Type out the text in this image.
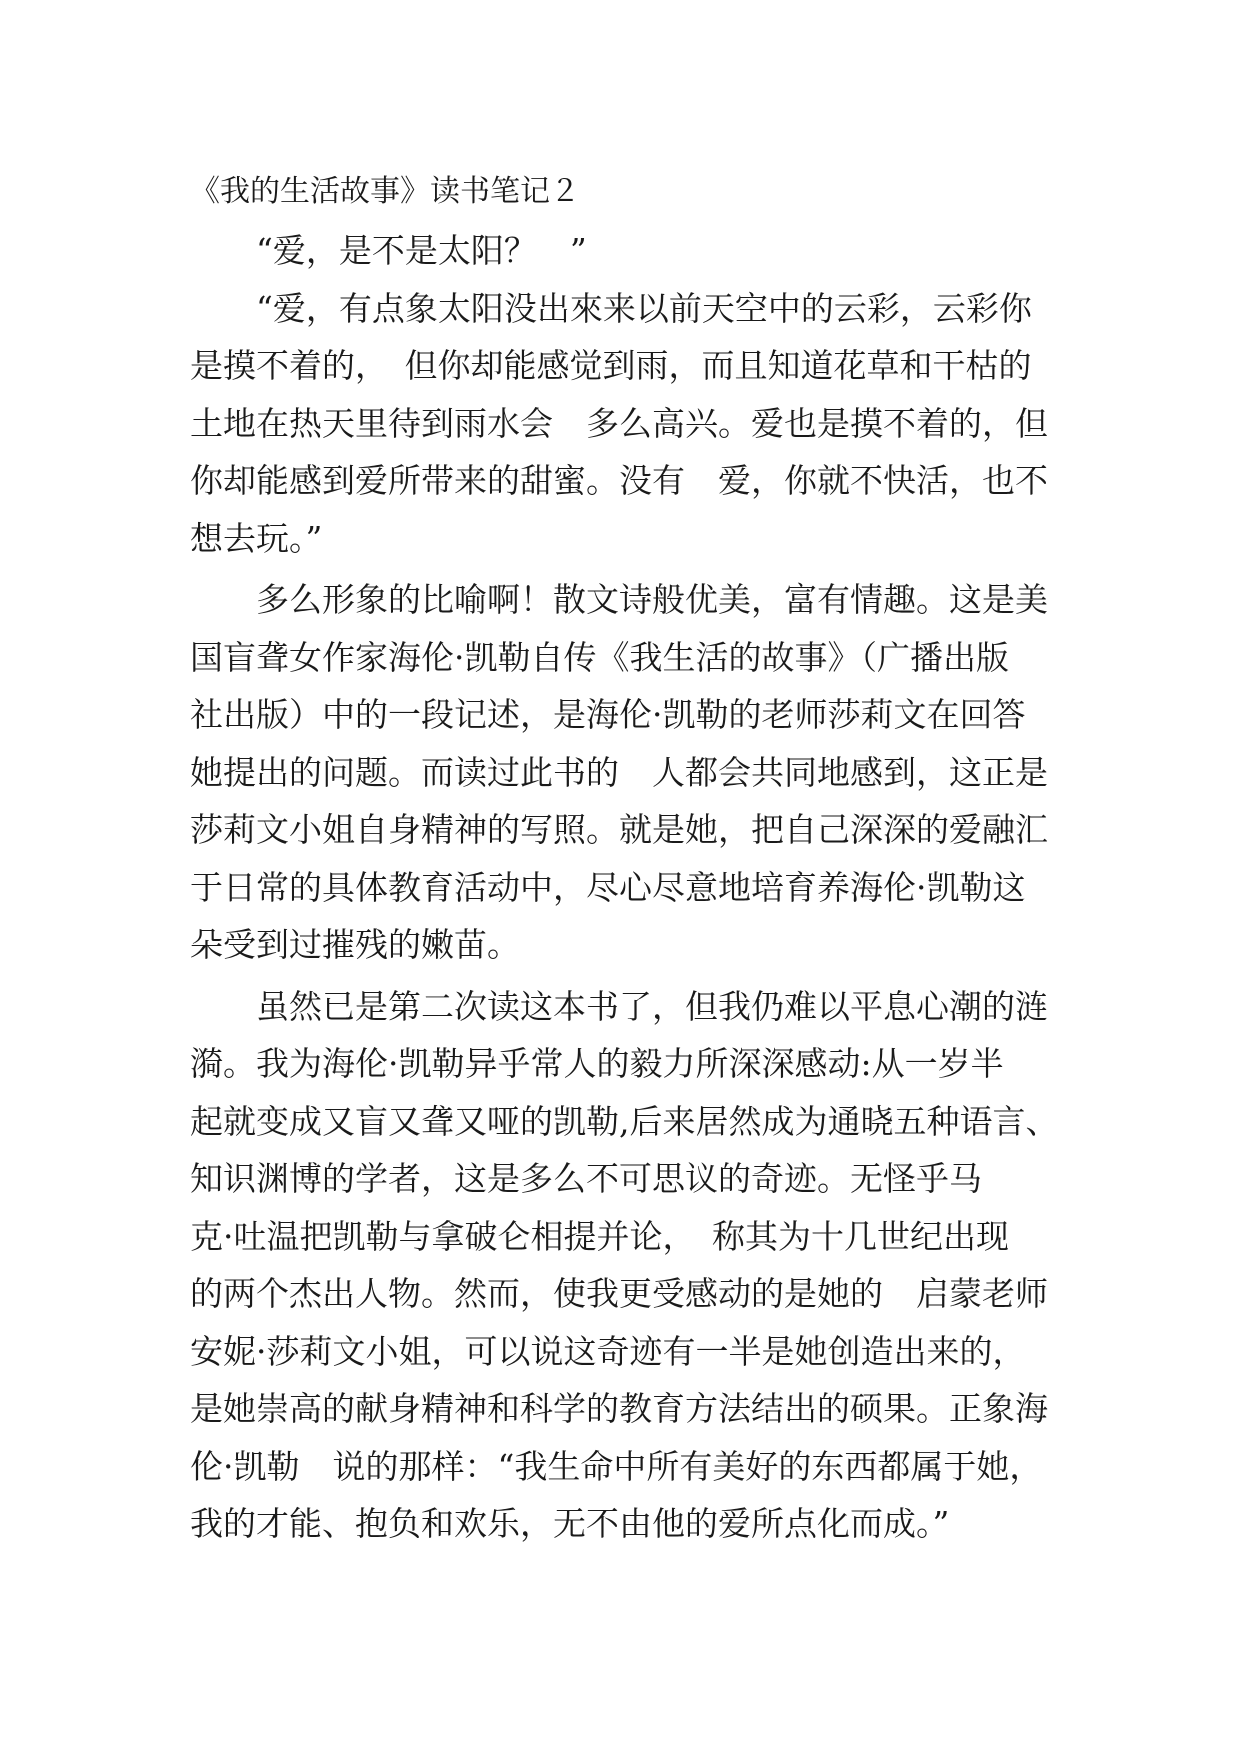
《我的生活故事》读书笔记２

“爱，是不是太阳？　”

“爱，有点象太阳没出來来以前天空中的云彩，云彩你
是摸不着的，　但你却能感觉到雨，而且知道花草和干枯的
土地在热天里待到雨水会　多么高兴。爱也是摸不着的，但
你却能感到爱所带来的甜蜜。没有　爱，你就不快活，也不
想去玩。”

多么形象的比喻啊！散文诗般优美，富有情趣。这是美
国盲聋女作家海伦·凯勒自传《我生活的故事》（广播出版
社出版）中的一段记述，是海伦·凯勒的老师莎莉文在回答
她提出的问题。而读过此书的　人都会共同地感到，这正是
莎莉文小姐自身精神的写照。就是她，把自己深深的爱融汇
于日常的具体教育活动中，尽心尽意地培育养海伦·凯勒这
朵受到过摧残的嫩苗。

虽然已是第二次读这本书了，但我仍难以平息心潮的涟
漪。我为海伦·凯勒异乎常人的毅力所深深感动:从一岁半
起就变成又盲又聋又哑的凯勒,后来居然成为通晓五种语言、
知识渊博的学者，这是多么不可思议的奇迹。无怪乎马
克·吐温把凯勒与拿破仑相提并论，　称其为十几世纪出现
的两个杰出人物。然而，使我更受感动的是她的　启蒙老师
安妮·莎莉文小姐，可以说这奇迹有一半是她创造出来的，
是她崇高的献身精神和科学的教育方法结出的硕果。正象海
伦·凯勒　说的那样：“我生命中所有美好的东西都属于她，
我的才能、抱负和欢乐，无不由他的爱所点化而成。”
